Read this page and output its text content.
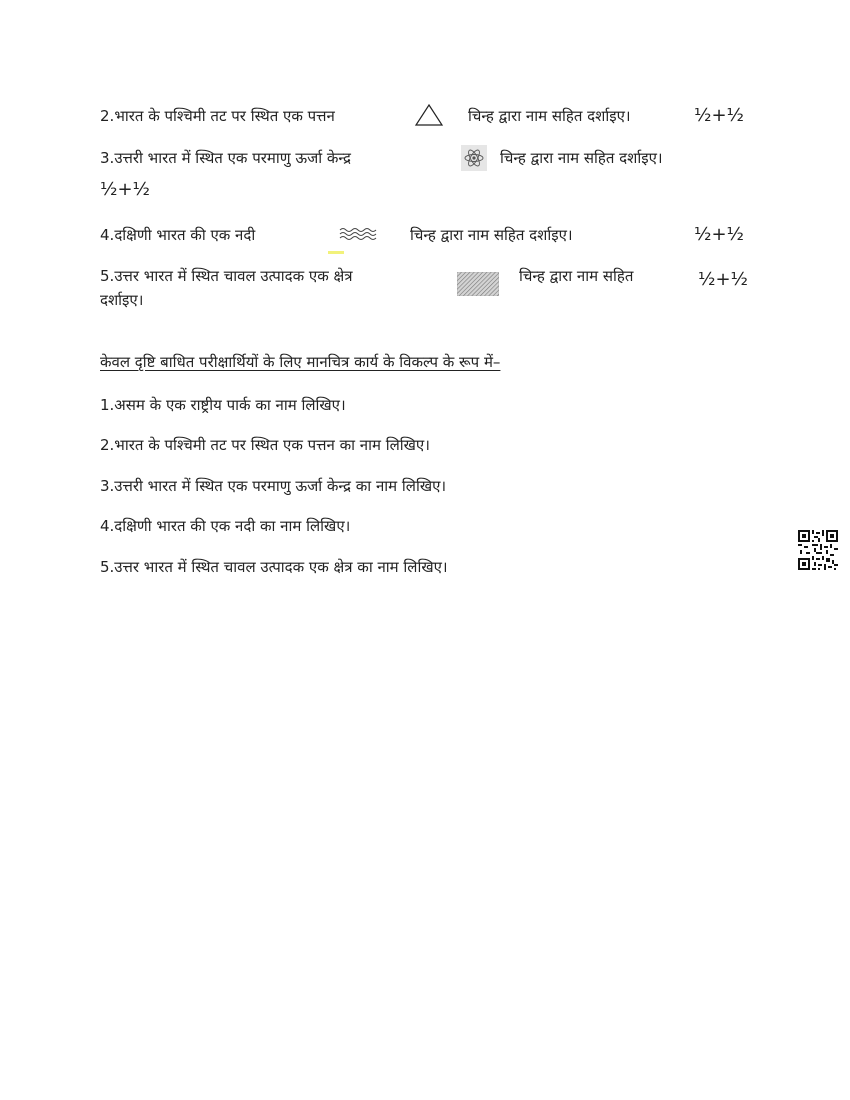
2.भारत के पश्चिमी तट पर स्थित एक पत्तन	चिन्ह द्वारा नाम सहित दर्शाइए।	½+½
3.उत्तरी भारत में स्थित एक परमाणु ऊर्जा केन्द्र	चिन्ह द्वारा नाम सहित दर्शाइए।
½+½
4.दक्षिणी भारत की एक नदी	चिन्ह द्वारा नाम सहित दर्शाइए।	½+½
5.उत्तर भारत में स्थित चावल उत्पादक एक क्षेत्र	चिन्ह द्वारा नाम सहित	½+½
दर्शाइए।
केवल दृष्टि बाधित परीक्षार्थियों के लिए मानचित्र कार्य के विकल्प के रूप में–
1.असम के एक राष्ट्रीय पार्क का नाम लिखिए।
2.भारत के पश्चिमी तट पर स्थित एक पत्तन का नाम लिखिए।
3.उत्तरी भारत में स्थित एक परमाणु ऊर्जा केन्द्र का नाम लिखिए।
4.दक्षिणी भारत की एक नदी का नाम लिखिए।
5.उत्तर भारत में स्थित चावल उत्पादक एक क्षेत्र का नाम लिखिए।
